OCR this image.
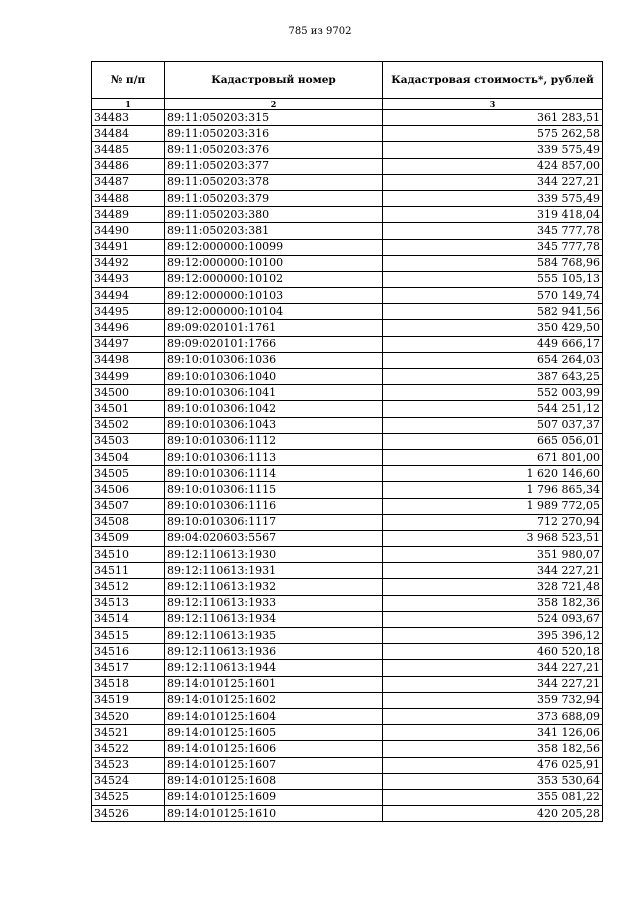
785 из 9702
№ п/п	Кадастровый номер	Кадастровая стоимость*, рублей
1	2	3
34483	89:11:050203:315	361 283,51
34484	89:11:050203:316	575 262,58
34485	89:11:050203:376	339 575,49
34486	89:11:050203:377	424 857,00
34487	89:11:050203:378	344 227,21
34488	89:11:050203:379	339 575,49
34489	89:11:050203:380	319 418,04
34490	89:11:050203:381	345 777,78
34491	89:12:000000:10099	345 777,78
34492	89:12:000000:10100	584 768,96
34493	89:12:000000:10102	555 105,13
34494	89:12:000000:10103	570 149,74
34495	89:12:000000:10104	582 941,56
34496	89:09:020101:1761	350 429,50
34497	89:09:020101:1766	449 666,17
34498	89:10:010306:1036	654 264,03
34499	89:10:010306:1040	387 643,25
34500	89:10:010306:1041	552 003,99
34501	89:10:010306:1042	544 251,12
34502	89:10:010306:1043	507 037,37
34503	89:10:010306:1112	665 056,01
34504	89:10:010306:1113	671 801,00
34505	89:10:010306:1114	1 620 146,60
34506	89:10:010306:1115	1 796 865,34
34507	89:10:010306:1116	1 989 772,05
34508	89:10:010306:1117	712 270,94
34509	89:04:020603:5567	3 968 523,51
34510	89:12:110613:1930	351 980,07
34511	89:12:110613:1931	344 227,21
34512	89:12:110613:1932	328 721,48
34513	89:12:110613:1933	358 182,36
34514	89:12:110613:1934	524 093,67
34515	89:12:110613:1935	395 396,12
34516	89:12:110613:1936	460 520,18
34517	89:12:110613:1944	344 227,21
34518	89:14:010125:1601	344 227,21
34519	89:14:010125:1602	359 732,94
34520	89:14:010125:1604	373 688,09
34521	89:14:010125:1605	341 126,06
34522	89:14:010125:1606	358 182,56
34523	89:14:010125:1607	476 025,91
34524	89:14:010125:1608	353 530,64
34525	89:14:010125:1609	355 081,22
34526	89:14:010125:1610	420 205,28
